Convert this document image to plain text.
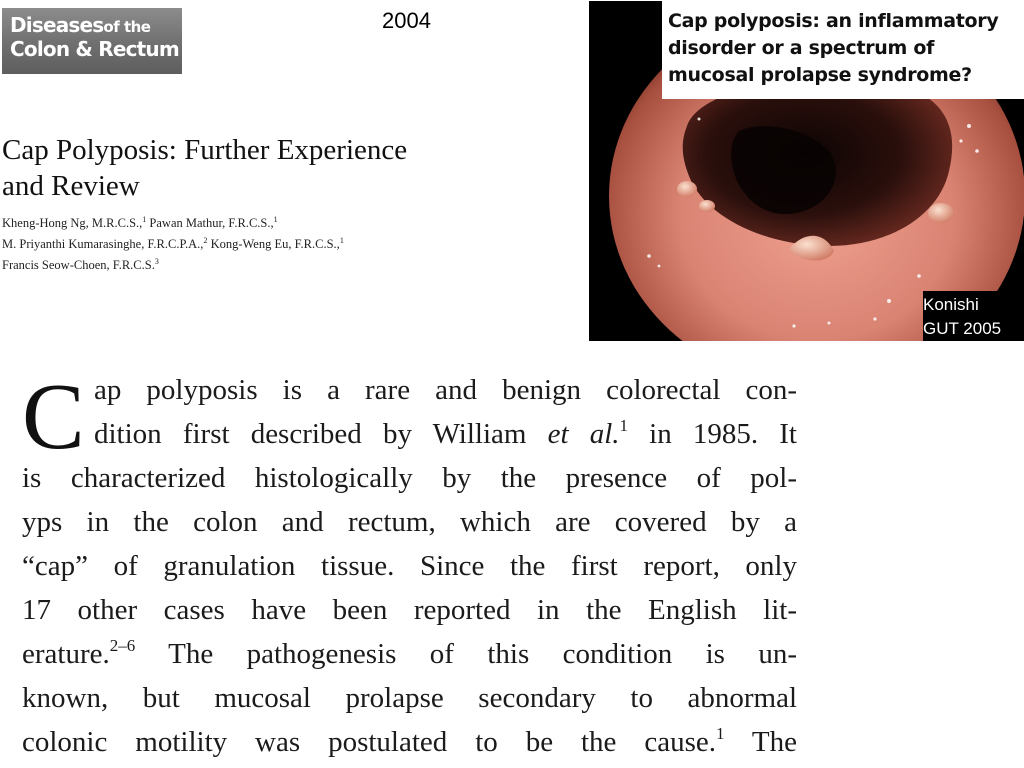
Diseasesof the
Colon & Rectum
2004
Cap Polyposis: Further Experience
and Review
Kheng-Hong Ng, M.R.C.S.,$^1$ Pawan Mathur, F.R.C.S.,$^1$
M. Priyanthi Kumarasinghe, F.R.C.P.A.,$^2$ Kong-Weng Eu, F.R.C.S.,$^1$
Francis Seow-Choen, F.R.C.S.$^3$
Cap polyposis: an inflammatory
disorder or a spectrum of
mucosal prolapse syndrome?
Konishi
GUT 2005
C ap polyposis is a rare and benign colorectal con-
dition first described by William et al.$^1$ in 1985. It
is characterized histologically by the presence of pol-
yps in the colon and rectum, which are covered by a
“cap” of granulation tissue. Since the first report, only
17 other cases have been reported in the English lit-
erature.$^{2-6}$ The pathogenesis of this condition is un-
known, but mucosal prolapse secondary to abnormal
colonic motility was postulated to be the cause.$^1$ The
